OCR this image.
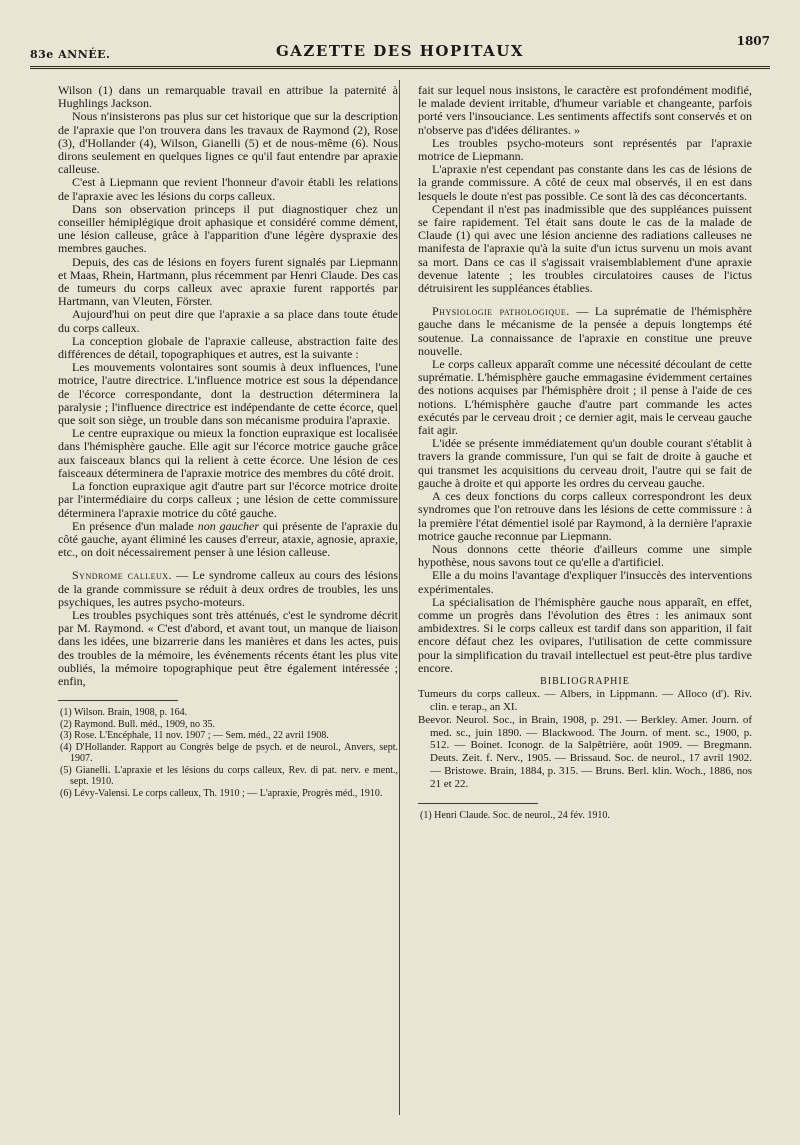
83e ANNÉE.	GAZETTE DES HOPITAUX
1807

Wilson (1) dans un remarquable travail en attribue la paternité à Hughlings Jackson.

Nous n'insisterons pas plus sur cet historique que sur la description de l'apraxie que l'on trouvera dans les travaux de Raymond (2), Rose (3), d'Hollander (4), Wilson, Gianelli (5) et de nous-même (6). Nous dirons seulement en quelques lignes ce qu'il faut entendre par apraxie calleuse.

C'est à Liepmann que revient l'honneur d'avoir établi les relations de l'apraxie avec les lésions du corps calleux.

Dans son observation princeps il put diagnostiquer chez un conseiller hémiplégique droit aphasique et considéré comme dément, une lésion calleuse, grâce à l'apparition d'une légère dyspraxie des membres gauches.

Depuis, des cas de lésions en foyers furent signalés par Liepmann et Maas, Rhein, Hartmann, plus récemment par Henri Claude. Des cas de tumeurs du corps calleux avec apraxie furent rapportés par Hartmann, van Vleuten, Förster.

Aujourd'hui on peut dire que l'apraxie a sa place dans toute étude du corps calleux.

La conception globale de l'apraxie calleuse, abstraction faite des différences de détail, topographiques et autres, est la suivante :

Les mouvements volontaires sont soumis à deux influences, l'une motrice, l'autre directrice. L'influence motrice est sous la dépendance de l'écorce correspondante, dont la destruction déterminera la paralysie ; l'influence directrice est indépendante de cette écorce, quel que soit son siège, un trouble dans son mécanisme produira l'apraxie.

Le centre eupraxique ou mieux la fonction eupraxique est localisée dans l'hémisphère gauche. Elle agit sur l'écorce motrice gauche grâce aux faisceaux blancs qui la relient à cette écorce. Une lésion de ces faisceaux déterminera de l'apraxie motrice des membres du côté droit.

La fonction eupraxique agit d'autre part sur l'écorce motrice droite par l'intermédiaire du corps calleux ; une lésion de cette commissure déterminera l'apraxie motrice du côté gauche.

En présence d'un malade non gaucher qui présente de l'apraxie du côté gauche, ayant éliminé les causes d'erreur, ataxie, agnosie, apraxie, etc., on doit nécessairement penser à une lésion calleuse.

Syndrome calleux. — Le syndrome calleux au cours des lésions de la grande commissure se réduit à deux ordres de troubles, les uns psychiques, les autres psycho-moteurs.

Les troubles psychiques sont très atténués, c'est le syndrome décrit par M. Raymond. « C'est d'abord, et avant tout, un manque de liaison dans les idées, une bizarrerie dans les manières et dans les actes, puis des troubles de la mémoire, les événements récents étant les plus vite oubliés, la mémoire topographique peut être également intéressée ; enfin,

(1) Wilson. Brain, 1908, p. 164.

(2) Raymond. Bull. méd., 1909, no 35.

(3) Rose. L'Encéphale, 11 nov. 1907 ; — Sem. méd., 22 avril 1908.

(4) D'Hollander. Rapport au Congrès belge de psych. et de neurol., Anvers, sept. 1907.

(5) Gianelli. L'apraxie et les lésions du corps calleux, Rev. di pat. nerv. e ment., sept. 1910.

(6) Lévy-Valensi. Le corps calleux, Th. 1910 ; — L'apraxie, Progrès méd., 1910.

fait sur lequel nous insistons, le caractère est profondément modifié, le malade devient irritable, d'humeur variable et changeante, parfois porté vers l'insouciance. Les sentiments affectifs sont conservés et on n'observe pas d'idées délirantes. »

Les troubles psycho-moteurs sont représentés par l'apraxie motrice de Liepmann.

L'apraxie n'est cependant pas constante dans les cas de lésions de la grande commissure. A côté de ceux mal observés, il en est dans lesquels le doute n'est pas possible. Ce sont là des cas déconcertants.

Cependant il n'est pas inadmissible que des suppléances puissent se faire rapidement. Tel était sans doute le cas de la malade de Claude (1) qui avec une lésion ancienne des radiations calleuses ne manifesta de l'apraxie qu'à la suite d'un ictus survenu un mois avant sa mort. Dans ce cas il s'agissait vraisemblablement d'une apraxie devenue latente ; les troubles circulatoires causes de l'ictus détruisirent les suppléances établies.

Physiologie pathologique. — La suprématie de l'hémisphère gauche dans le mécanisme de la pensée a depuis longtemps été soutenue. La connaissance de l'apraxie en constitue une preuve nouvelle.

Le corps calleux apparaît comme une nécessité découlant de cette suprématie. L'hémisphère gauche emmagasine évidemment certaines des notions acquises par l'hémisphère droit ; il pense à l'aide de ces notions. L'hémisphère gauche d'autre part commande les actes exécutés par le cerveau droit ; ce dernier agit, mais le cerveau gauche fait agir.

L'idée se présente immédiatement qu'un double courant s'établit à travers la grande commissure, l'un qui se fait de droite à gauche et qui transmet les acquisitions du cerveau droit, l'autre qui se fait de gauche à droite et qui apporte les ordres du cerveau gauche.

A ces deux fonctions du corps calleux correspondront les deux syndromes que l'on retrouve dans les lésions de cette commissure : à la première l'état démentiel isolé par Raymond, à la dernière l'apraxie motrice gauche reconnue par Liepmann.

Nous donnons cette théorie d'ailleurs comme une simple hypothèse, nous savons tout ce qu'elle a d'artificiel.

Elle a du moins l'avantage d'expliquer l'insuccès des interventions expérimentales.

La spécialisation de l'hémisphère gauche nous apparaît, en effet, comme un progrès dans l'évolution des êtres : les animaux sont ambidextres. Si le corps calleux est tardif dans son apparition, il fait encore défaut chez les ovipares, l'utilisation de cette commissure pour la simplification du travail intellectuel est peut-être plus tardive encore.

BIBLIOGRAPHIE

Tumeurs du corps calleux. — Albers, in Lippmann. — Alloco (d'). Riv. clin. e terap., an XI.

Beevor. Neurol. Soc., in Brain, 1908, p. 291. — Berkley. Amer. Journ. of med. sc., juin 1890. — Blackwood. The Journ. of ment. sc., 1900, p. 512. — Boinet. Iconogr. de la Salpêtrière, août 1909. — Bregmann. Deuts. Zeit. f. Nerv., 1905. — Brissaud. Soc. de neurol., 17 avril 1902. — Bristowe. Brain, 1884, p. 315. — Bruns. Berl. klin. Woch., 1886, nos 21 et 22.

(1) Henri Claude. Soc. de neurol., 24 fév. 1910.
